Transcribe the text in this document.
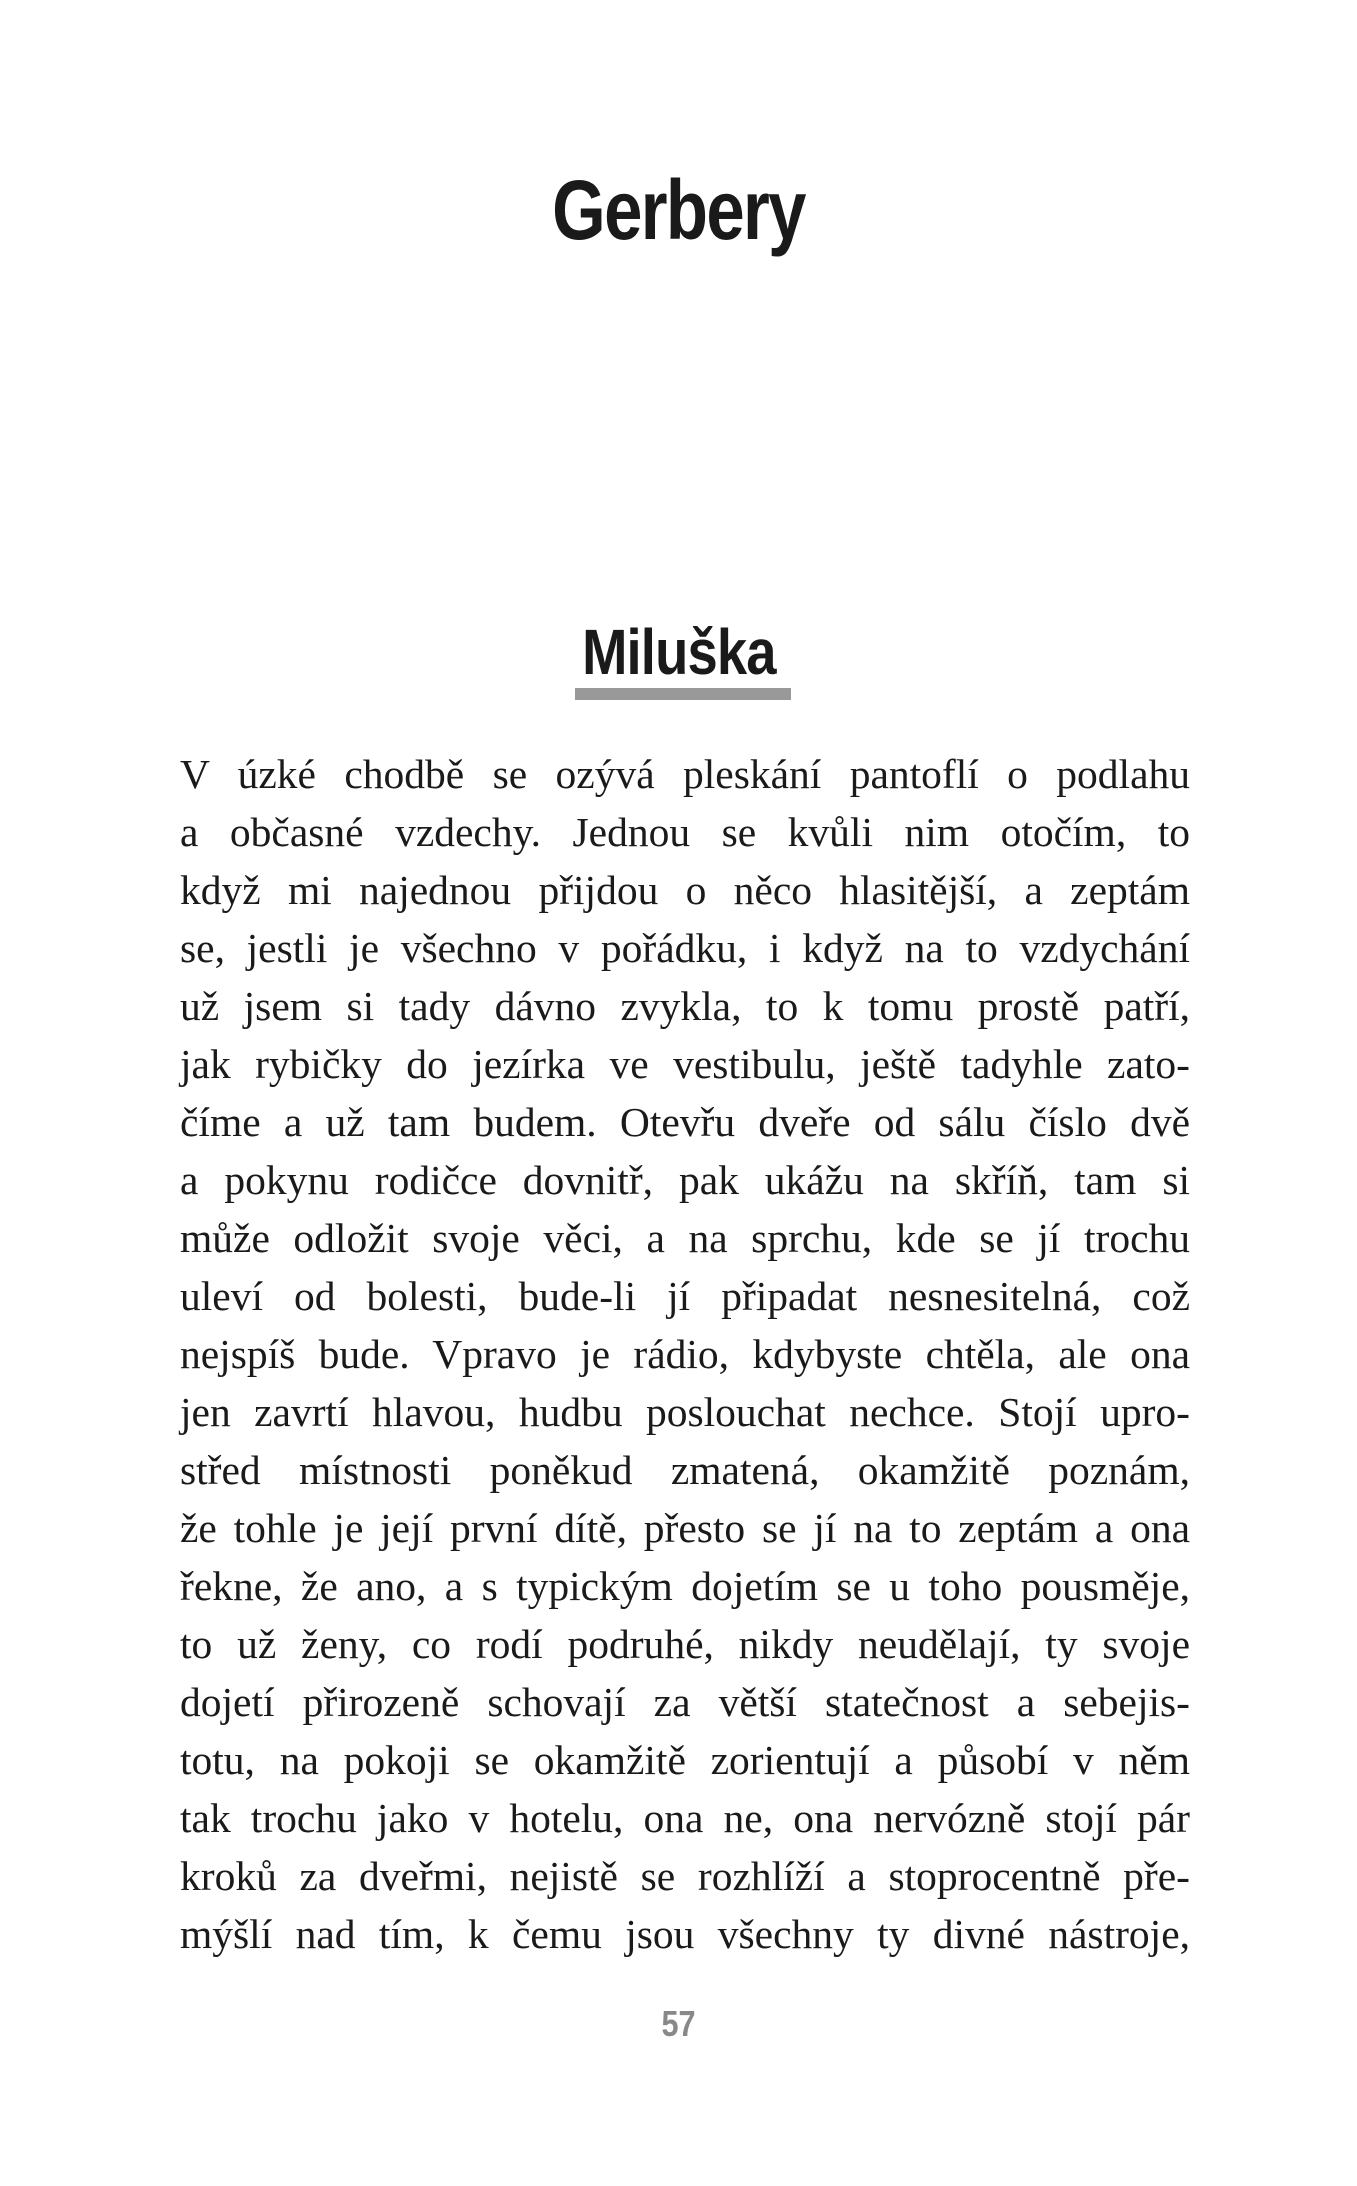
Gerbery
Miluška
V úzké chodbě se ozývá pleskání pantoflí o podlahu
a občasné vzdechy. Jednou se kvůli nim otočím, to
když mi najednou přijdou o něco hlasitější, a zeptám
se, jestli je všechno v pořádku, i když na to vzdychání
už jsem si tady dávno zvykla, to k tomu prostě patří,
jak rybičky do jezírka ve vestibulu, ještě tadyhle zato-
číme a už tam budem. Otevřu dveře od sálu číslo dvě
a pokynu rodičce dovnitř, pak ukážu na skříň, tam si
může odložit svoje věci, a na sprchu, kde se jí trochu
uleví od bolesti, bude-li jí připadat nesnesitelná, což
nejspíš bude. Vpravo je rádio, kdybyste chtěla, ale ona
jen zavrtí hlavou, hudbu poslouchat nechce. Stojí upro-
střed místnosti poněkud zmatená, okamžitě poznám,
že tohle je její první dítě, přesto se jí na to zeptám a ona
řekne, že ano, a s typickým dojetím se u toho pousměje,
to už ženy, co rodí podruhé, nikdy neudělají, ty svoje
dojetí přirozeně schovají za větší statečnost a sebejis-
totu, na pokoji se okamžitě zorientují a působí v něm
tak trochu jako v hotelu, ona ne, ona nervózně stojí pár
kroků za dveřmi, nejistě se rozhlíží a stoprocentně pře-
mýšlí nad tím, k čemu jsou všechny ty divné nástroje,
57
